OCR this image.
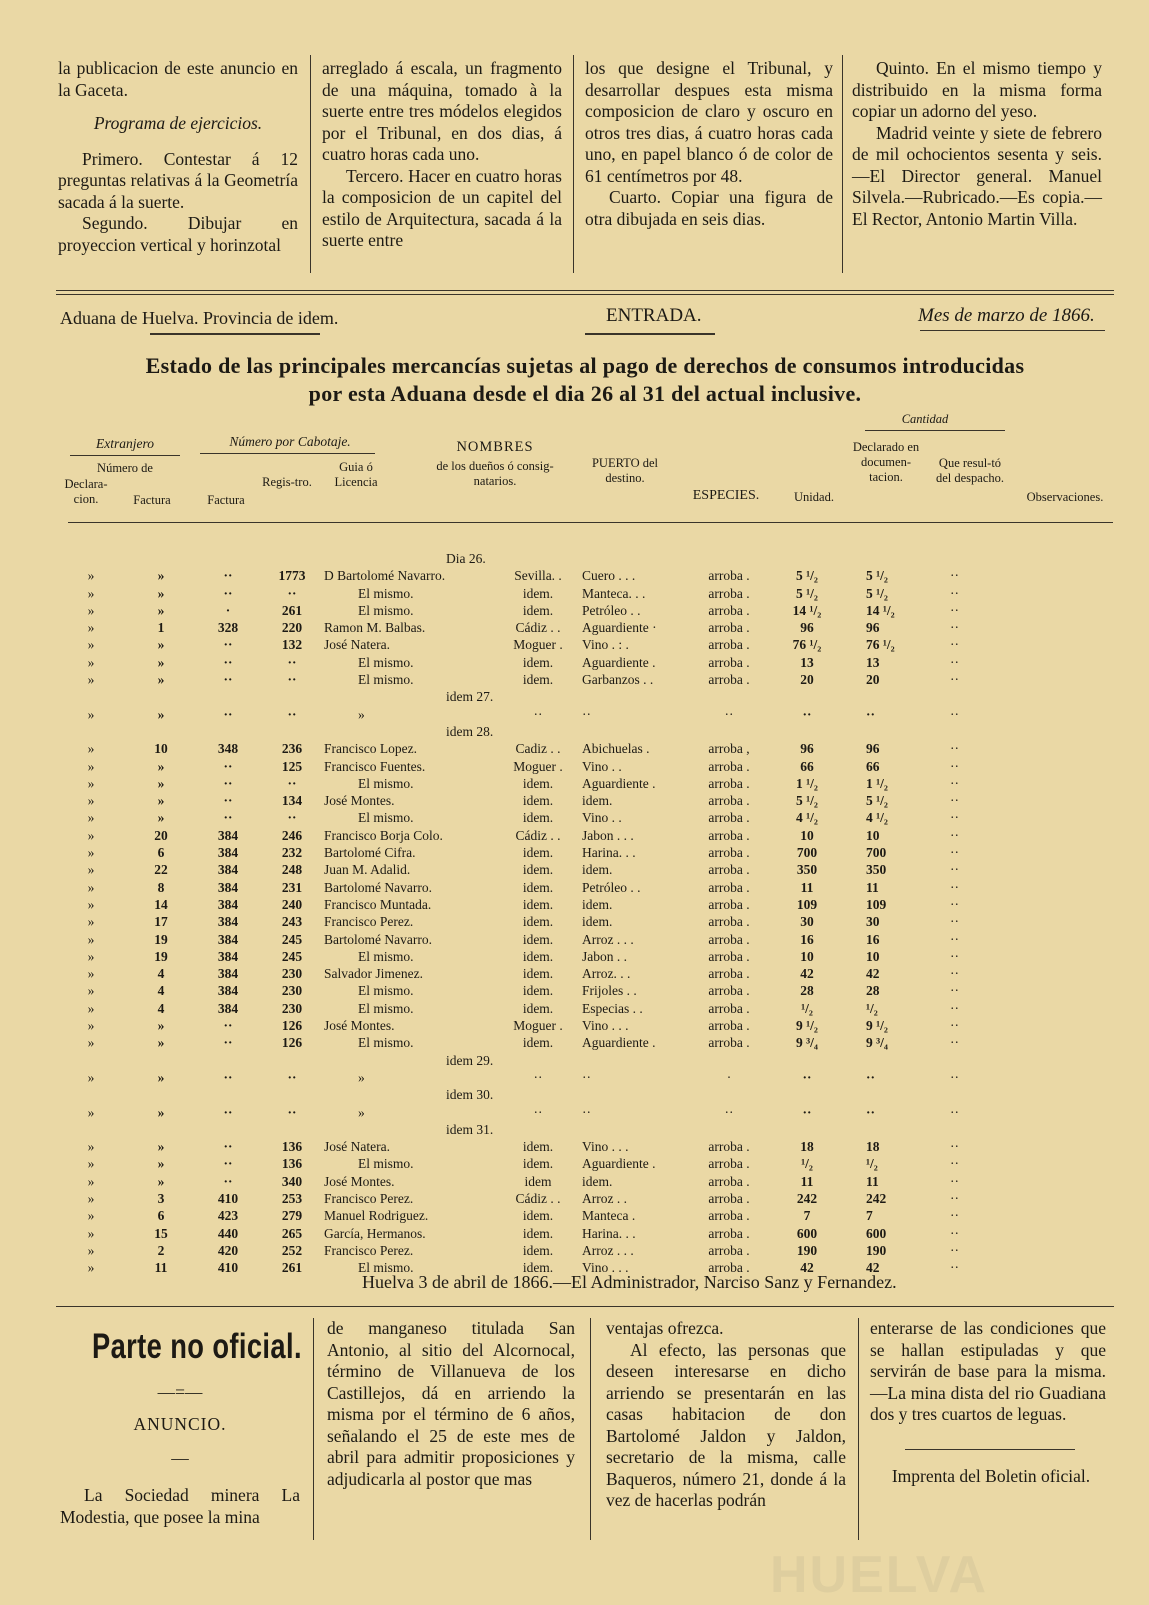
la publicacion de este anuncio en la Gaceta.

Programa de ejercicios.

Primero. Contestar á 12 preguntas relativas á la Geometría sacada á la suerte.

Segundo. Dibujar en proyeccion vertical y horinzotal

arreglado á escala, un fragmento de una máquina, tomado à la suerte entre tres módelos elegidos por el Tribunal, en dos dias, á cuatro horas cada uno.

Tercero. Hacer en cuatro horas la composicion de un capitel del estilo de Arquitectura, sacada á la suerte entre

los que designe el Tribunal, y desarrollar despues esta misma composicion de claro y oscuro en otros tres dias, á cuatro horas cada uno, en papel blanco ó de color de 61 centímetros por 48.

Cuarto. Copiar una figura de otra dibujada en seis dias.

Quinto. En el mismo tiempo y distribuido en la misma forma copiar un adorno del yeso.

Madrid veinte y siete de febrero de mil ochocientos sesenta y seis. —El Director general. Manuel Silvela.—Rubricado.—Es copia.—El Rector, Antonio Martin Villa.

Aduana de Huelva. Provincia de idem.	ENTRADA.	Mes de marzo de 1866.
Estado de las principales mercancías sujetas al pago de derechos de consumos introducidas
por esta Aduana desde el dia 26 al 31 del actual inclusive.
Extranjero	Número por Cabotaje.
Número de
Declara-cion.	Factura	Factura
Regis-tro.
Guia ó Licencia
NOMBRES
de los dueños ó consig-natarios.
PUERTO del destino.
ESPECIES.	Unidad.
Cantidad
Declarado en documen-tacion.
Que resul-tó del despacho.
Observaciones.
Dia 26.										
»	»	··	1773	D Bartolomé Navarro.		Sevilla. .	Cuero . . .	arroba .	5 ¹/₂	5 ¹/₂	··
»	»	··	··	El mismo.		idem.	Manteca. . .	arroba .	5 ¹/₂	5 ¹/₂	··
»	»	·	261	El mismo.		idem.	Petróleo . .	arroba .	14 ¹/₂	14 ¹/₂	··
»	1	328	220	Ramon M. Balbas.		Cádiz . .	Aguardiente ·	arroba .	96	96	··
»	»	··	132	José Natera.		Moguer .	Vino . : .	arroba .	76 ¹/₂	76 ¹/₂	··
»	»	··	··	El mismo.		idem.	Aguardiente .	arroba .	13	13	··
»	»	··	··	El mismo.		idem.	Garbanzos . .	arroba .	20	20	··
idem 27.										
»	»	··	··	»		··	··	··	··	··	··
idem 28.										
»	10	348	236	Francisco Lopez.		Cadiz . .	Abichuelas .	arroba ,	96	96	··
»	»	··	125	Francisco Fuentes.		Moguer .	Vino . .	arroba .	66	66	··
»	»	··	··	El mismo.		idem.	Aguardiente .	arroba .	1 ¹/₂	1 ¹/₂	··
»	»	··	134	José Montes.		idem.	idem.	arroba .	5 ¹/₂	5 ¹/₂	··
»	»	··	··	El mismo.		idem.	Vino . .	arroba .	4 ¹/₂	4 ¹/₂	··
»	20	384	246	Francisco Borja Colo.		Cádiz . .	Jabon . . .	arroba .	10	10	··
»	6	384	232	Bartolomé Cifra.		idem.	Harina. . .	arroba .	700	700	··
»	22	384	248	Juan M. Adalid.		idem.	idem.	arroba .	350	350	··
»	8	384	231	Bartolomé Navarro.		idem.	Petróleo . .	arroba .	11	11	··
»	14	384	240	Francisco Muntada.		idem.	idem.	arroba .	109	109	··
»	17	384	243	Francisco Perez.		idem.	idem.	arroba .	30	30	··
»	19	384	245	Bartolomé Navarro.		idem.	Arroz . . .	arroba .	16	16	··
»	19	384	245	El mismo.		idem.	Jabon . .	arroba .	10	10	··
»	4	384	230	Salvador Jimenez.		idem.	Arroz. . .	arroba .	42	42	··
»	4	384	230	El mismo.		idem.	Frijoles . .	arroba .	28	28	··
»	4	384	230	El mismo.		idem.	Especias . .	arroba .	¹/₂	¹/₂	··
»	»	··	126	José Montes.		Moguer .	Vino . . .	arroba .	9 ¹/₂	9 ¹/₂	··
»	»	··	126	El mismo.		idem.	Aguardiente .	arroba .	9 ³/₄	9 ³/₄	··
idem 29.										
»	»	··	··	»		··	··	·	··	··	··
idem 30.										
»	»	··	··	»		··	··	··	··	··	··
idem 31.										
»	»	··	136	José Natera.		idem.	Vino . . .	arroba .	18	18	··
»	»	··	136	El mismo.		idem.	Aguardiente .	arroba .	¹/₂	¹/₂	··
»	»	··	340	José Montes.		idem	idem.	arroba .	11	11	··
»	3	410	253	Francisco Perez.		Cádiz . .	Arroz . .	arroba .	242	242	··
»	6	423	279	Manuel Rodriguez.		idem.	Manteca .	arroba .	7	7	··
»	15	440	265	García, Hermanos.		idem.	Harina. . .	arroba .	600	600	··
»	2	420	252	Francisco Perez.		idem.	Arroz . . .	arroba .	190	190	··
»	11	410	261	El mismo.		idem.	Vino . . .	arroba .	42	42	··
Huelva 3 de abril de 1866.—El Administrador, Narciso Sanz y Fernandez.
Parte no oficial.
—=—
ANUNCIO.
—

La Sociedad minera La Modestia, que posee la mina

de manganeso titulada San Antonio, al sitio del Alcornocal, término de Villanueva de los Castillejos, dá en arriendo la misma por el término de 6 años, señalando el 25 de este mes de abril para admitir proposiciones y adjudicarla al postor que mas

ventajas ofrezca.

Al efecto, las personas que deseen interesarse en dicho arriendo se presentarán en las casas habitacion de don Bartolomé Jaldon y Jaldon, secretario de la misma, calle Baqueros, número 21, donde á la vez de hacerlas podrán

enterarse de las condiciones que se hallan estipuladas y que servirán de base para la misma.—La mina dista del rio Guadiana dos y tres cuartos de leguas.

Imprenta del Boletin oficial.
HUELVA
